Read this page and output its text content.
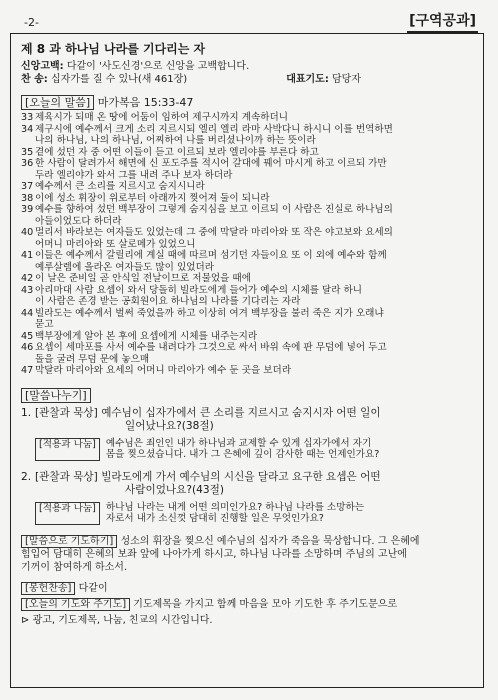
-2-	[구역공과]
제 8 과 하나님 나라를 기다리는 자
신앙고백: 다같이 '사도신경'으로 신앙을 고백합니다.
찬 송: 십자가를 질 수 있나(새 461장)	대표기도: 담당자
[오늘의 말씀] 마가복음 15:33-47
33 제육시가 되매 온 땅에 어둠이 임하여 제구시까지 계속하더니
34 제구시에 예수께서 크게 소리 지르시되 엘리 엘리 라마 사박다니 하시니 이를 번역하면
나의 하나님, 나의 하나님, 어찌하여 나를 버리셨나이까 하는 뜻이라
35 곁에 섰던 자 중 어떤 이들이 듣고 이르되 보라 엘리야를 부른다 하고
36 한 사람이 달려가서 해면에 신 포도주를 적시어 갈대에 꿰어 마시게 하고 이르되 가만
두라 엘리야가 와서 그를 내려 주나 보자 하더라
37 예수께서 큰 소리를 지르시고 숨지시니라
38 이에 성소 휘장이 위로부터 아래까지 찢어져 둘이 되니라
39 예수를 향하여 섰던 백부장이 그렇게 숨지심을 보고 이르되 이 사람은 진실로 하나님의
아들이었도다 하더라
40 멀리서 바라보는 여자들도 있었는데 그 중에 막달라 마리아와 또 작은 야고보와 요세의
어머니 마리아와 또 살로메가 있었으니
41 이들은 예수께서 갈릴리에 계실 때에 따르며 섬기던 자들이요 또 이 외에 예수와 함께
예루살렘에 올라온 여자들도 많이 있었더라
42 이 날은 준비일 곧 안식일 전날이므로 저물었을 때에
43 아리마대 사람 요셉이 와서 당돌히 빌라도에게 들어가 예수의 시체를 달라 하니
이 사람은 존경 받는 공회원이요 하나님의 나라를 기다리는 자라
44 빌라도는 예수께서 벌써 죽었을까 하고 이상히 여겨 백부장을 불러 죽은 지가 오래냐
묻고
45 백부장에게 알아 본 후에 요셉에게 시체를 내주는지라
46 요셉이 세마포를 사서 예수를 내려다가 그것으로 싸서 바위 속에 판 무덤에 넣어 두고
돌을 굴려 무덤 문에 놓으매
47 막달라 마리아와 요세의 어머니 마리아가 예수 둔 곳을 보더라
[말씀나누기]
1. [관찰과 묵상] 예수님이 십자가에서 큰 소리를 지르시고 숨지시자 어떤 일이
일어났나요?(38절)
[적용과 나눔]	예수님은 죄인인 내가 하나님과 교제할 수 있게 십자가에서 자기
몸을 찢으셨습니다. 내가 그 은혜에 깊이 감사한 때는 언제인가요?
2. [관찰과 묵상] 빌라도에게 가서 예수님의 시신을 달라고 요구한 요셉은 어떤
사람이었나요?(43절)
[적용과 나눔]	하나님 나라는 내게 어떤 의미인가요? 하나님 나라를 소망하는
자로서 내가 소신껏 담대히 진행할 일은 무엇인가요?
[말씀으로 기도하기] 성소의 휘장을 찢으신 예수님의 십자가 죽음을 묵상합니다. 그 은혜에
힘입어 담대히 은혜의 보좌 앞에 나아가게 하시고, 하나님 나라를 소망하며 주님의 고난에
기꺼이 참여하게 하소서.
[봉헌찬송] 다같이
[오늘의 기도와 주기도] 기도제목을 가지고 함께 마음을 모아 기도한 후 주기도문으로
⊳ 광고, 기도제목, 나눔, 친교의 시간입니다.
